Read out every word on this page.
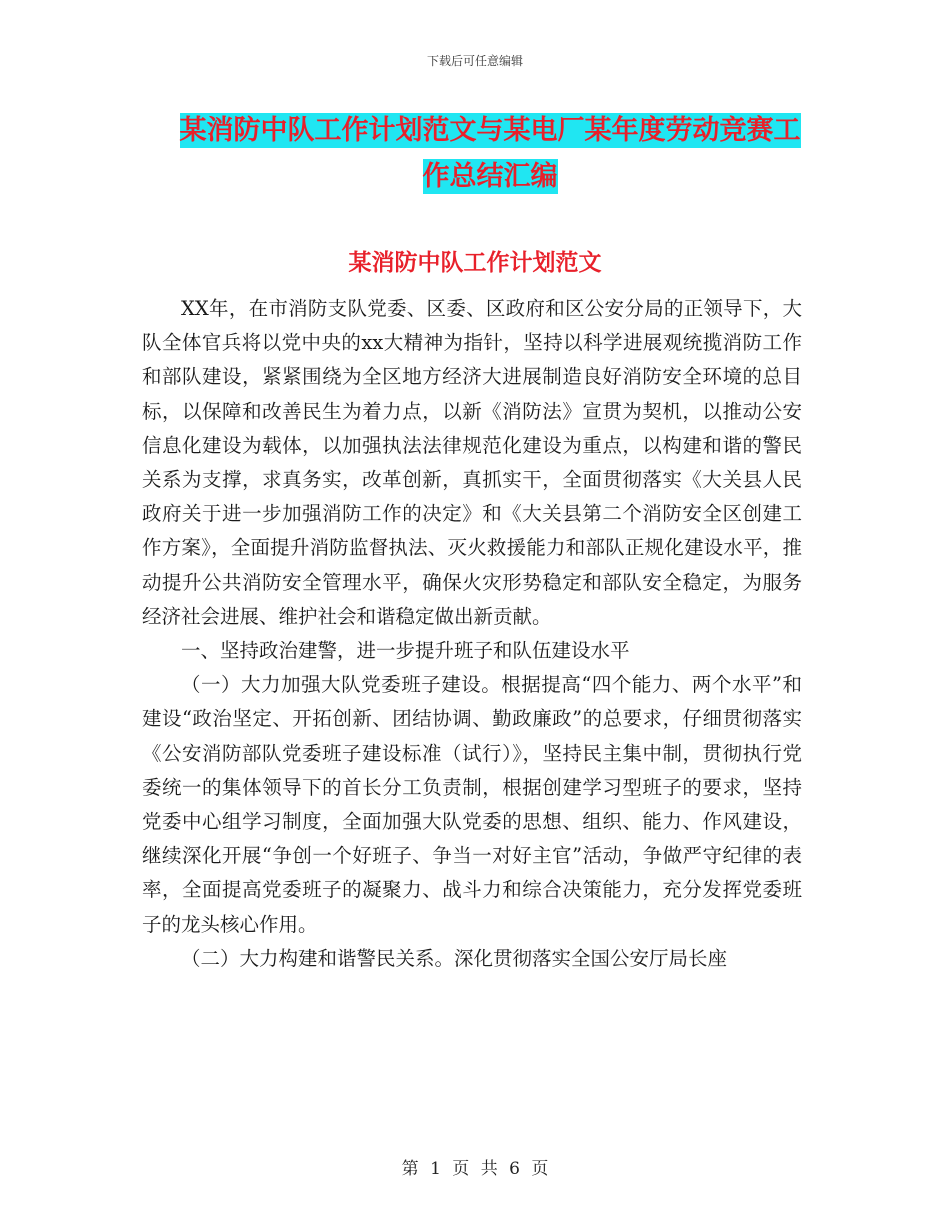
下载后可任意编辑
某消防中队工作计划范文与某电厂某年度劳动竞赛工
作总结汇编
某消防中队工作计划范文

XX年，在市消防支队党委、区委、区政府和区公安分局的正领导下，大队全体官兵将以党中央的xx大精神为指针，坚持以科学进展观统揽消防工作和部队建设，紧紧围绕为全区地方经济大进展制造良好消防安全环境的总目标，以保障和改善民生为着力点，以新《消防法》宣贯为契机，以推动公安信息化建设为载体，以加强执法法律规范化建设为重点，以构建和谐的警民关系为支撑，求真务实，改革创新，真抓实干，全面贯彻落实《大关县人民政府关于进一步加强消防工作的决定》和《大关县第二个消防安全区创建工作方案》，全面提升消防监督执法、灭火救援能力和部队正规化建设水平，推动提升公共消防安全管理水平，确保火灾形势稳定和部队安全稳定，为服务经济社会进展、维护社会和谐稳定做出新贡献。

一、坚持政治建警，进一步提升班子和队伍建设水平

（一）大力加强大队党委班子建设。根据提高“四个能力、两个水平”和建设“政治坚定、开拓创新、团结协调、勤政廉政”的总要求，仔细贯彻落实《公安消防部队党委班子建设标准（试行）》，坚持民主集中制，贯彻执行党委统一的集体领导下的首长分工负责制，根据创建学习型班子的要求，坚持党委中心组学习制度，全面加强大队党委的思想、组织、能力、作风建设，继续深化开展“争创一个好班子、争当一对好主官”活动，争做严守纪律的表率，全面提高党委班子的凝聚力、战斗力和综合决策能力，充分发挥党委班子的龙头核心作用。

（二）大力构建和谐警民关系。深化贯彻落实全国公安厅局长座

第 1 页 共 6 页
